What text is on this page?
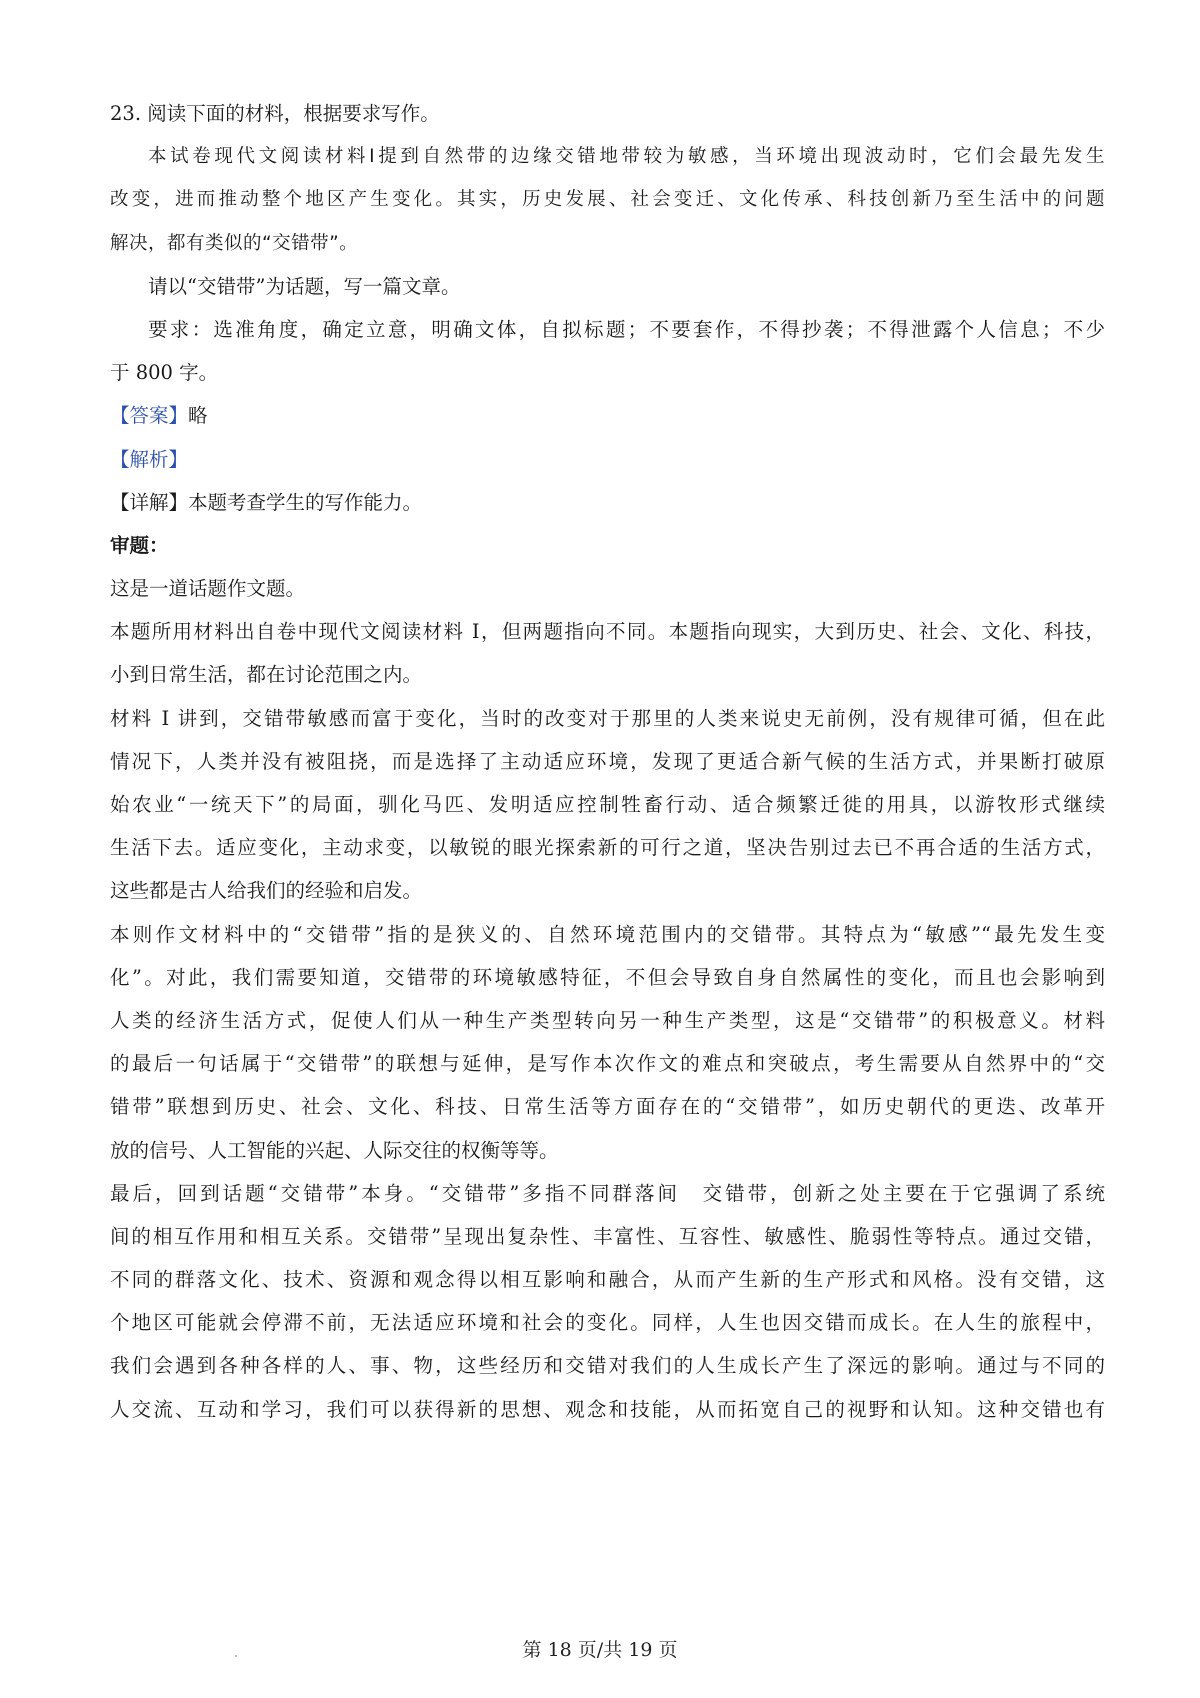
23. 阅读下面的材料，根据要求写作。
本试卷现代文阅读材料Ⅰ提到自然带的边缘交错地带较为敏感，当环境出现波动时，它们会最先发生
改变，进而推动整个地区产生变化。其实，历史发展、社会变迁、文化传承、科技创新乃至生活中的问题
解决，都有类似的“交错带”。
请以“交错带”为话题，写一篇文章。
要求：选准角度，确定立意，明确文体，自拟标题；不要套作，不得抄袭；不得泄露个人信息；不少
于 800 字。
【答案】略
【解析】
【详解】本题考查学生的写作能力。
审题：
这是一道话题作文题。
本题所用材料出自卷中现代文阅读材料 I，但两题指向不同。本题指向现实，大到历史、社会、文化、科技，
小到日常生活，都在讨论范围之内。
材料 I 讲到，交错带敏感而富于变化，当时的改变对于那里的人类来说史无前例，没有规律可循，但在此
情况下，人类并没有被阻挠，而是选择了主动适应环境，发现了更适合新气候的生活方式，并果断打破原
始农业“一统天下”的局面，驯化马匹、发明适应控制牲畜行动、适合频繁迁徙的用具，以游牧形式继续
生活下去。适应变化，主动求变，以敏锐的眼光探索新的可行之道，坚决告别过去已不再合适的生活方式，
这些都是古人给我们的经验和启发。
本则作文材料中的“交错带”指的是狭义的、自然环境范围内的交错带。其特点为“敏感”“最先发生变
化”。对此，我们需要知道，交错带的环境敏感特征，不但会导致自身自然属性的变化，而且也会影响到
人类的经济生活方式，促使人们从一种生产类型转向另一种生产类型，这是“交错带”的积极意义。材料
的最后一句话属于“交错带”的联想与延伸，是写作本次作文的难点和突破点，考生需要从自然界中的“交
错带”联想到历史、社会、文化、科技、日常生活等方面存在的“交错带”，如历史朝代的更迭、改革开
放的信号、人工智能的兴起、人际交往的权衡等等。
最后，回到话题“交错带”本身。“交错带”多指不同群落间　交错带，创新之处主要在于它强调了系统
间的相互作用和相互关系。交错带”呈现出复杂性、丰富性、互容性、敏感性、脆弱性等特点。通过交错，
不同的群落文化、技术、资源和观念得以相互影响和融合，从而产生新的生产形式和风格。没有交错，这
个地区可能就会停滞不前，无法适应环境和社会的变化。同样，人生也因交错而成长。在人生的旅程中，
我们会遇到各种各样的人、事、物，这些经历和交错对我们的人生成长产生了深远的影响。通过与不同的
人交流、互动和学习，我们可以获得新的思想、观念和技能，从而拓宽自己的视野和认知。这种交错也有
第 18 页/共 19 页
